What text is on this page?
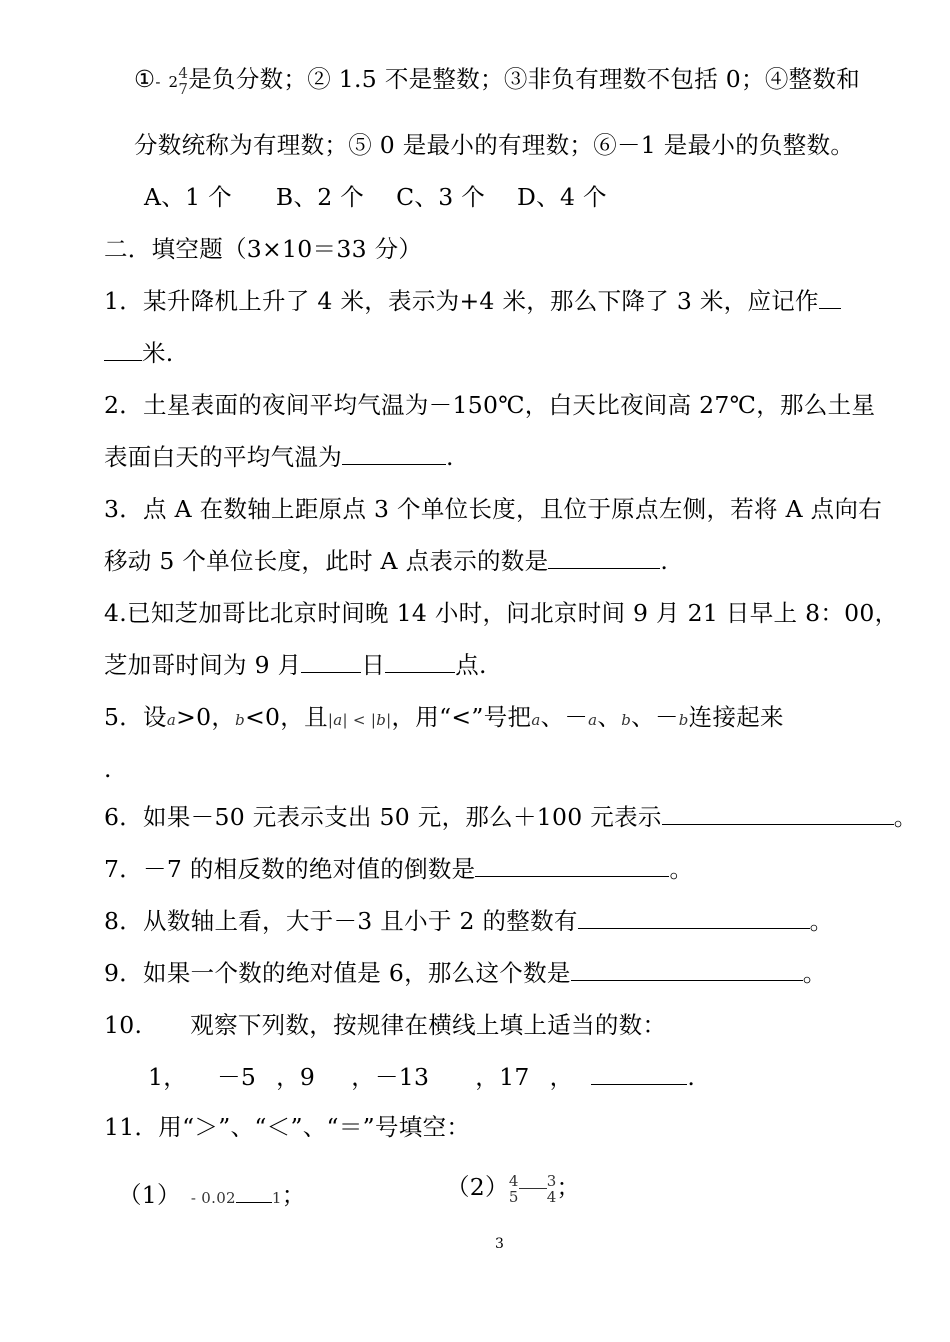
①- 2
4
7 是负分数；② 1.5 不是整数；③非负有理数不包括 0；④整数和
分数统称为有理数；⑤ 0 是最小的有理数；⑥－1 是最小的负整数。
A、1 个 B、2 个 C、3 个 D、4 个
二．填空题（3×10＝33 分）
1．某升降机上升了 4 米，表示为+4 米，那么下降了 3 米，应记作
米.
2．土星表面的夜间平均气温为－150℃，白天比夜间高 27℃，那么土星
表面白天的平均气温为	.
3．点 A 在数轴上距原点 3 个单位长度，且位于原点左侧，若将 A 点向右
移动 5 个单位长度，此时 A 点表示的数是	.
4.已知芝加哥比北京时间晚 14 小时，问北京时间 9 月 21 日早上 8：00，
芝加哥时间为 9 月	日	点.
5．设a>0，b<0，且|a| < |b|，用“<”号把a、－a、b、－b连接起来
.
6．如果－50 元表示支出 50 元，那么＋100 元表示	。
7．－7 的相反数的绝对值的倒数是	。
8．从数轴上看，大于－3 且小于 2 的整数有	。
9．如果一个数的绝对值是 6，那么这个数是	。
10. 观察下列数，按规律在横线上填上适当的数：
1， －5 ，9 ，－13 ，17 ，	.
11．用“＞”、“＜”、“＝”号填空：
（1） - 0.02 1；	（2） 4
5
3
4 ；
3
